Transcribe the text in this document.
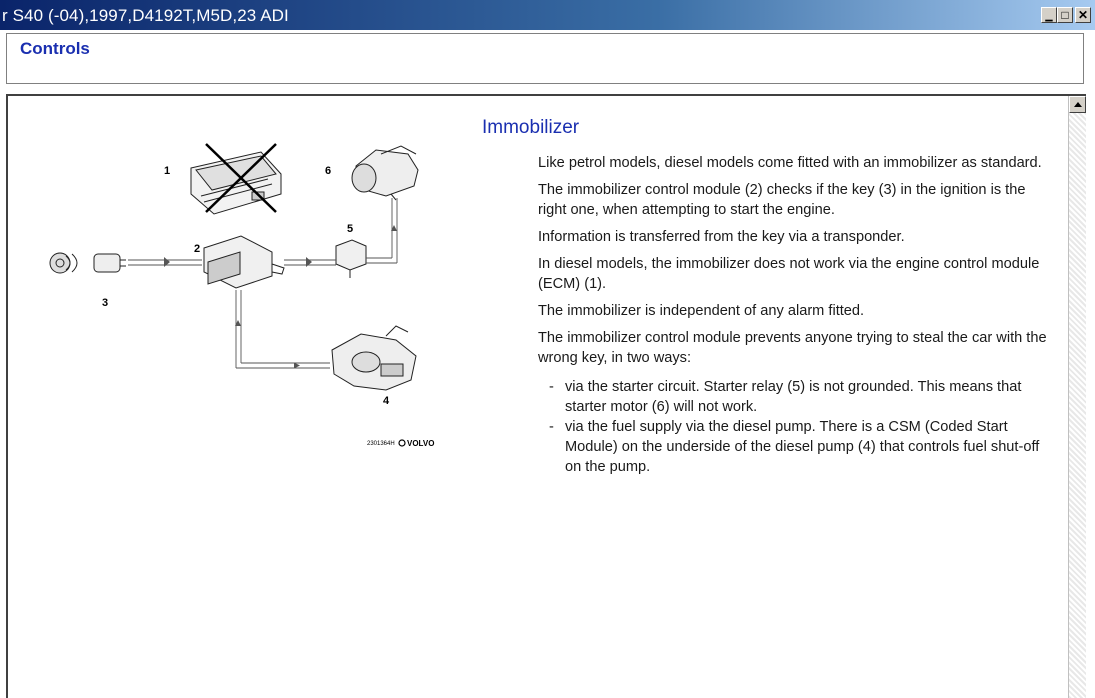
r S40 (-04),1997,D4192T,M5D,23 ADI	▁ □ ✕
Controls
1
2
3
4
5
6
2301364H VOLVO
Immobilizer

Like petrol models, diesel models come fitted with an immobilizer as standard.

The immobilizer control module (2) checks if the key (3) in the ignition is the right one, when attempting to start the engine.

Information is transferred from the key via a transponder.

In diesel models, the immobilizer does not work via the engine control module (ECM) (1).

The immobilizer is independent of any alarm fitted.

The immobilizer control module prevents anyone trying to steal the car with the wrong key, in two ways:

- via the starter circuit. Starter relay (5) is not grounded. This means that starter motor (6) will not work.
- via the fuel supply via the diesel pump. There is a CSM (Coded Start Module) on the underside of the diesel pump (4) that controls fuel shut-off on the pump.
